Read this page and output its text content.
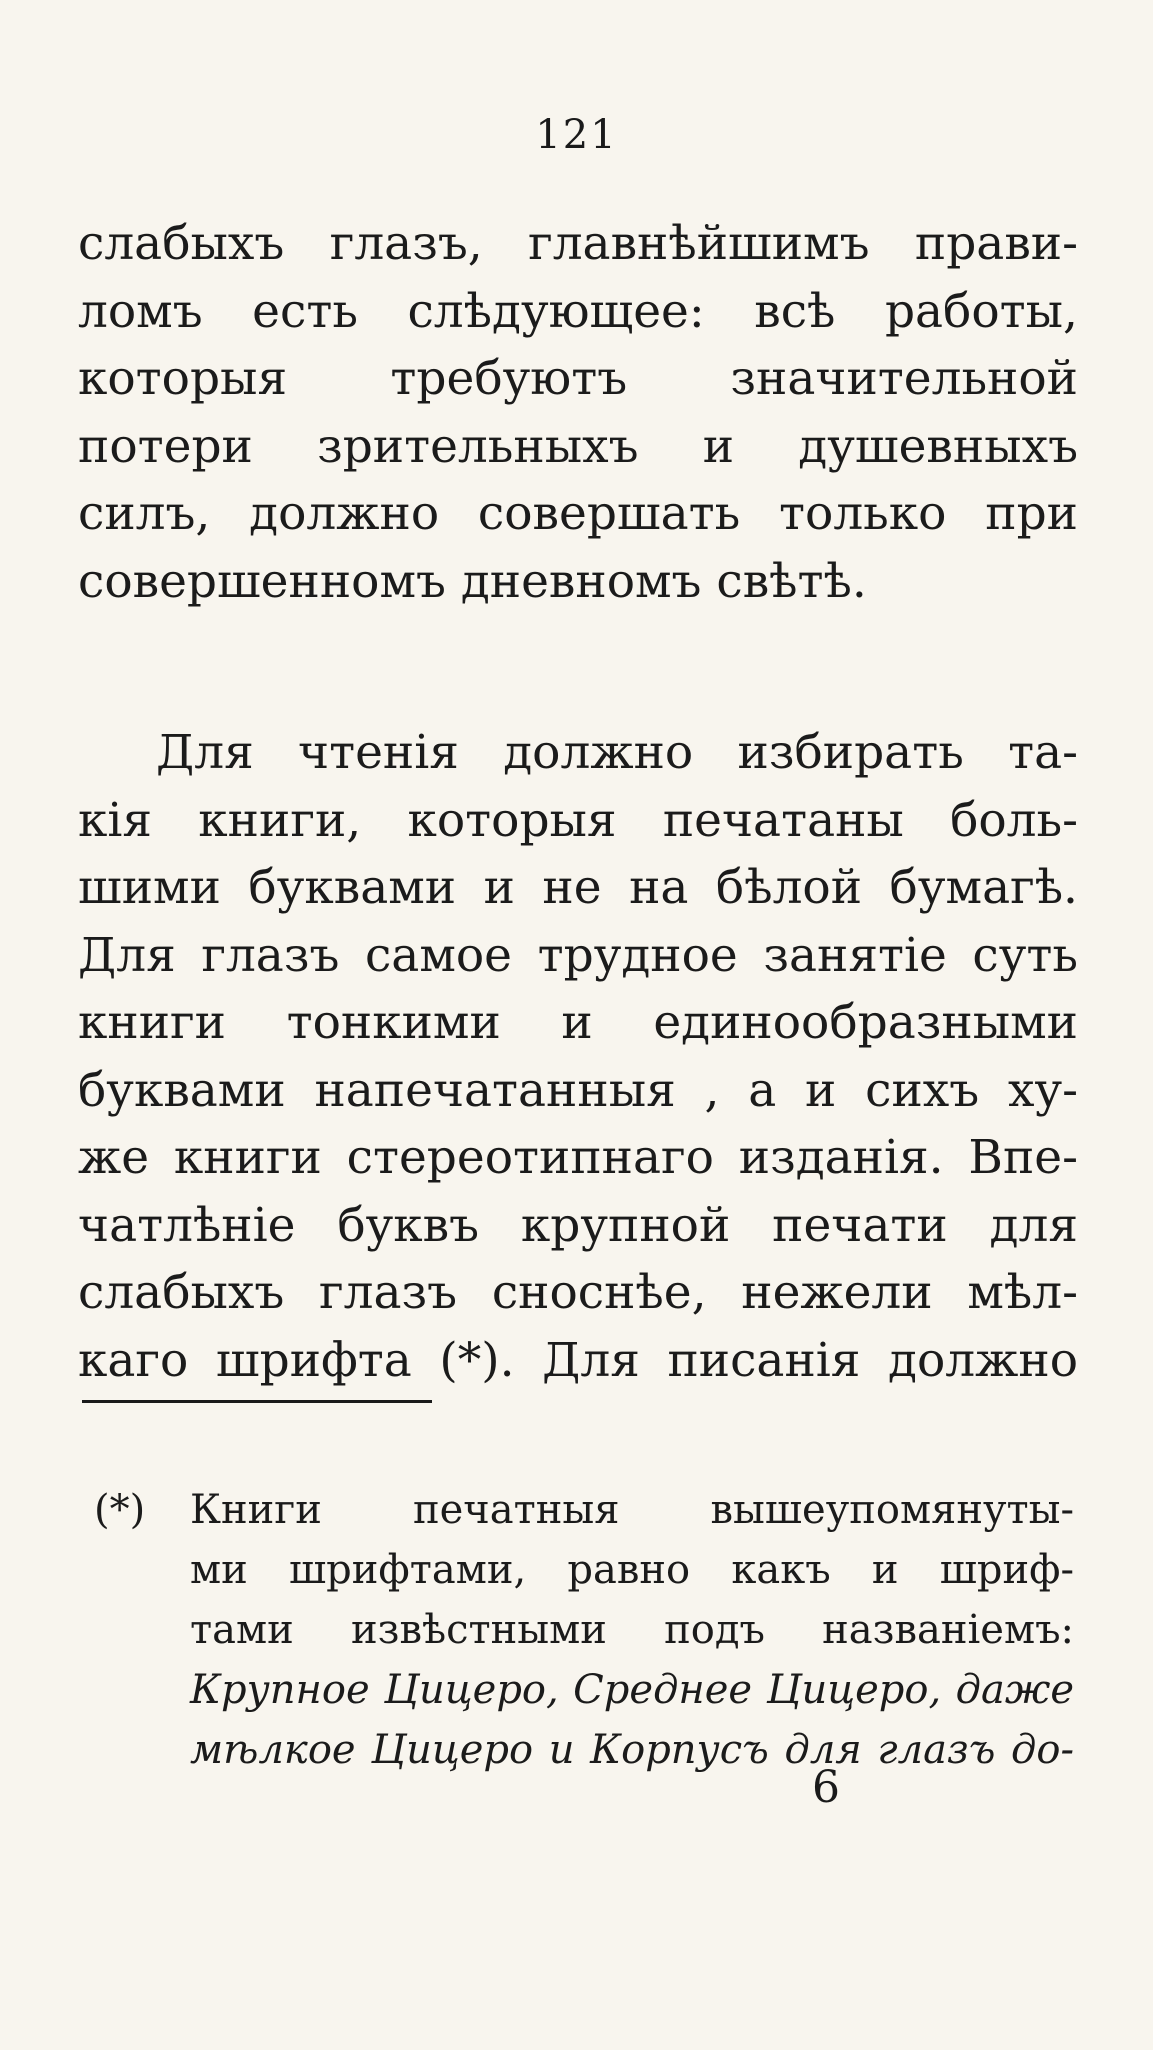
121
слабыхъ глазъ, главнѣйшимъ прави-
ломъ есть слѣдующее: всѣ работы,
которыя требуютъ значительной
потери зрительныхъ и душевныхъ
силъ, должно совершать только при
совершенномъ дневномъ свѣтѣ.
Для чтенія должно избирать та-
кія книги, которыя печатаны боль-
шими буквами и не на бѣлой бумагѣ.
Для глазъ самое трудное занятіе суть
книги тонкими и единообразными
буквами напечатанныя , а и сихъ ху-
же книги стереотипнаго изданія. Впе-
чатлѣніе буквъ крупной печати для
слабыхъ глазъ сноснѣе, нежели мѣл-
каго шрифта (*). Для писанія должно
(*) Книги печатныя вышеупомянуты-
ми шрифтами, равно какъ и шриф-
тами извѣстными подъ названіемъ:
Крупное Цицеро, Среднее Цицеро, даже
мѣлкое Цицеро и Корпусъ для глазъ до-
6
